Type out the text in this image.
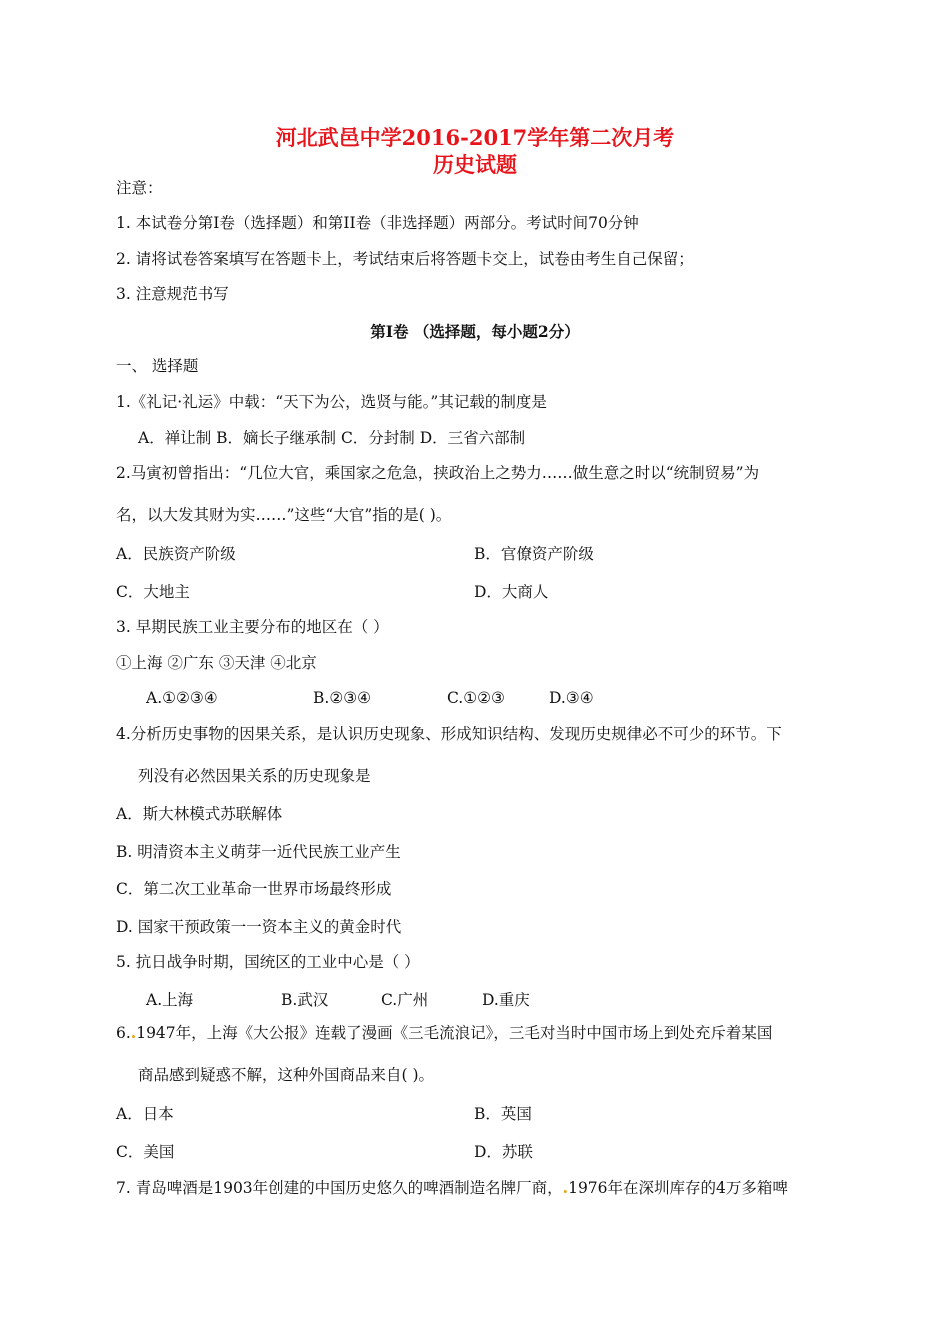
河北武邑中学2016-2017学年第二次月考
历史试题
注意：
1. 本试卷分第I卷（选择题）和第II卷（非选择题）两部分。考试时间70分钟
2. 请将试卷答案填写在答题卡上，考试结束后将答题卡交上，试卷由考生自己保留；
3. 注意规范书写
第I卷 （选择题，每小题2分）
一、 选择题
1.《礼记·礼运》中载：“天下为公，选贤与能。”其记载的制度是
A．禅让制 B．嫡长子继承制 C．分封制 D．三省六部制
2.马寅初曾指出：“几位大官，乘国家之危急，挟政治上之势力……做生意之时以“统制贸易”为
名，以大发其财为实……”这些“大官”指的是( )。
A．民族资产阶级	B．官僚资产阶级
C．大地主	D．大商人
3. 早期民族工业主要分布的地区在（ ）
①上海 ②广东 ③天津 ④北京
A.①②③④	B.②③④	C.①②③	D.③④
4.分析历史事物的因果关系，是认识历史现象、形成知识结构、发现历史规律必不可少的环节。下
列没有必然因果关系的历史现象是
A．斯大林模式苏联解体
B. 明清资本主义萌芽一近代民族工业产生
C．第二次工业革命一世界市场最终形成
D. 国家干预政策一一资本主义的黄金时代
5. 抗日战争时期，国统区的工业中心是（ ）
A.上海	B.武汉	C.广州	D.重庆
6..1947年，上海《大公报》连载了漫画《三毛流浪记》，三毛对当时中国市场上到处充斥着某国
商品感到疑惑不解，这种外国商品来自( )。
A．日本	B．英国
C．美国	D．苏联
7. 青岛啤酒是1903年创建的中国历史悠久的啤酒制造名牌厂商，.1976年在深圳库存的4万多箱啤
